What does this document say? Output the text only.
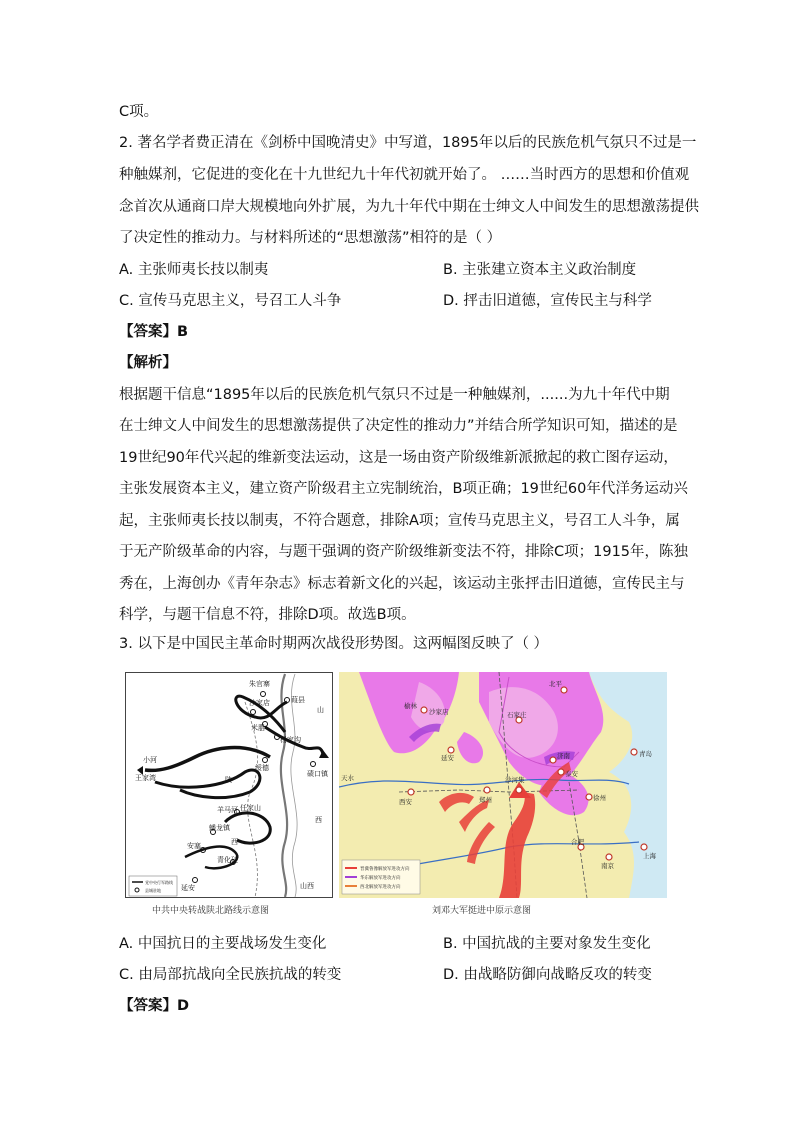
C项。
2. 著名学者费正清在《剑桥中国晚清史》中写道，1895年以后的民族危机气氛只不过是一
种触媒剂，它促进的变化在十九世纪九十年代初就开始了。 ……当时西方的思想和价值观
念首次从通商口岸大规模地向外扩展，为九十年代中期在士绅文人中间发生的思想激荡提供
了决定性的推动力。与材料所述的“思想激荡”相符的是（ ）
A. 主张师夷长技以制夷	B. 主张建立资本主义政治制度
C. 宣传马克思主义，号召工人斗争	D. 抨击旧道德，宣传民主与科学
【答案】B
【解析】
根据题干信息“1895年以后的民族危机气氛只不过是一种触媒剂，......为九十年代中期
在士绅文人中间发生的思想激荡提供了决定性的推动力”并结合所学知识可知，描述的是
19世纪90年代兴起的维新变法运动，这是一场由资产阶级维新派掀起的救亡图存运动，
主张发展资本主义，建立资产阶级君主立宪制统治，B项正确；19世纪60年代洋务运动兴
起，主张师夷长技以制夷，不符合题意，排除A项；宣传马克思主义，号召工人斗争，属
于无产阶级革命的内容，与题干强调的资产阶级维新变法不符，排除C项；1915年，陈独
秀在，上海创办《青年杂志》标志着新文化的兴起，该运动主张抨击旧道德，宣传民主与
科学，与题干信息不符，排除D项。故选B项。
3. 以下是中国民主革命时期两次战役形势图。这两幅图反映了（ ）
朱官寨
葭县
沙家店
米脂
杨家沟
山
绥德
碛口镇
小河
王家湾	陕
任家山
羊马河
西
蟠龙镇
安塞
青化砭
西
延安	山西
党中央行军路线
县城驻地
中共中央转战陕北路线示意图
北平
榆林
沙家店	石家庄
延安	济南
泰安
青岛
天水
西安	郑州	徐州
合肥
南京
上海
沙河集
晋冀鲁豫解放军进攻方向
华东解放军进攻方向
西北解放军进攻方向
刘邓大军挺进中原示意图
A. 中国抗日的主要战场发生变化	B. 中国抗战的主要对象发生变化
C. 由局部抗战向全民族抗战的转变	D. 由战略防御向战略反攻的转变
【答案】D
